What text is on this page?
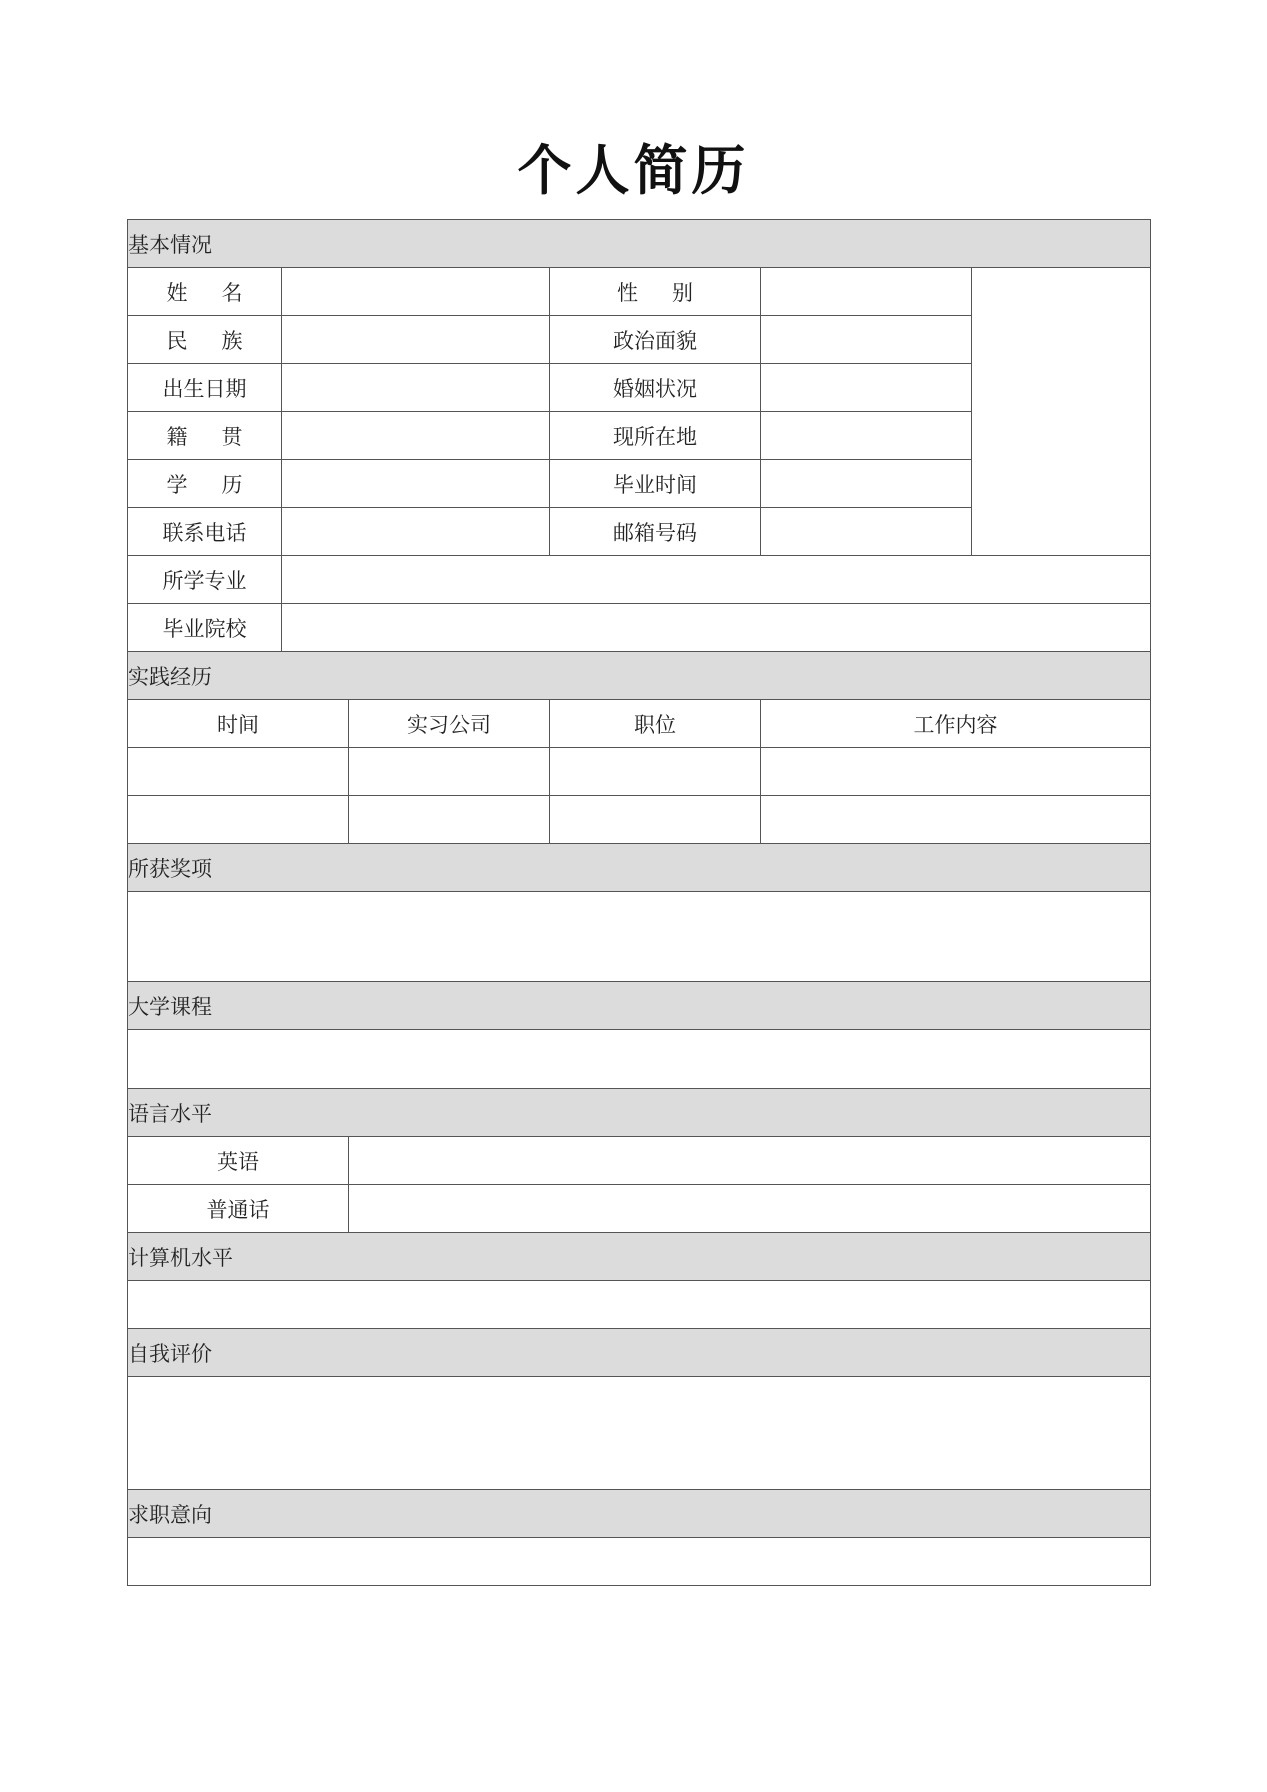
个人简历
基本情况					
姓名			性别		
民族			政治面貌		
出生日期			婚姻状况		
籍贯			现所在地		
学历			毕业时间		
联系电话			邮箱号码		
所学专业					
毕业院校					
实践经历					
时间		实习公司	职位	工作内容	

所获奖项					

大学课程					

语言水平					
英语					
普通话					
计算机水平					

自我评价					

求职意向					
